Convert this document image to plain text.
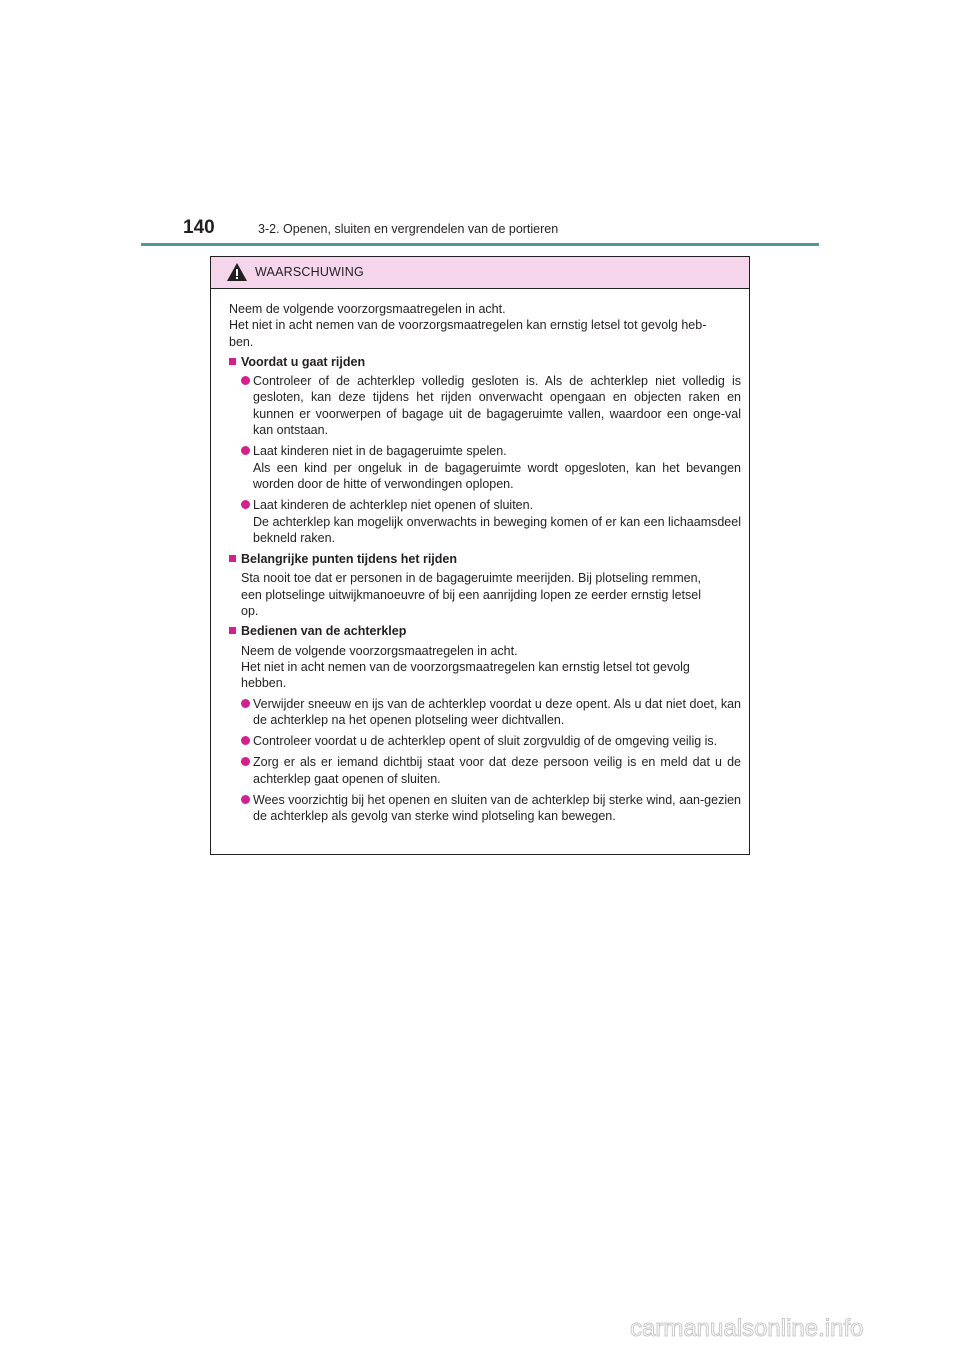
140	3-2. Openen, sluiten en vergrendelen van de portieren
WAARSCHUWING

Neem de volgende voorzorgsmaatregelen in acht.
Het niet in acht nemen van de voorzorgsmaatregelen kan ernstig letsel tot gevolg heb-
ben.

Voordat u gaat rijden

Controleer of de achterklep volledig gesloten is. Als de achterklep niet volledig is gesloten, kan deze tijdens het rijden onverwacht opengaan en objecten raken en kunnen er voorwerpen of bagage uit de bagageruimte vallen, waardoor een onge-val kan ontstaan.

Laat kinderen niet in de bagageruimte spelen.
Als een kind per ongeluk in de bagageruimte wordt opgesloten, kan het bevangen worden door de hitte of verwondingen oplopen.

Laat kinderen de achterklep niet openen of sluiten.
De achterklep kan mogelijk onverwachts in beweging komen of er kan een lichaamsdeel bekneld raken.

Belangrijke punten tijdens het rijden

Sta nooit toe dat er personen in de bagageruimte meerijden. Bij plotseling remmen,
een plotselinge uitwijkmanoeuvre of bij een aanrijding lopen ze eerder ernstig letsel
op.

Bedienen van de achterklep

Neem de volgende voorzorgsmaatregelen in acht.
Het niet in acht nemen van de voorzorgsmaatregelen kan ernstig letsel tot gevolg
hebben.

Verwijder sneeuw en ijs van de achterklep voordat u deze opent. Als u dat niet doet, kan de achterklep na het openen plotseling weer dichtvallen.

Controleer voordat u de achterklep opent of sluit zorgvuldig of de omgeving veilig is.

Zorg er als er iemand dichtbij staat voor dat deze persoon veilig is en meld dat u de achterklep gaat openen of sluiten.

Wees voorzichtig bij het openen en sluiten van de achterklep bij sterke wind, aan-gezien de achterklep als gevolg van sterke wind plotseling kan bewegen.

carmanualsonline.info
